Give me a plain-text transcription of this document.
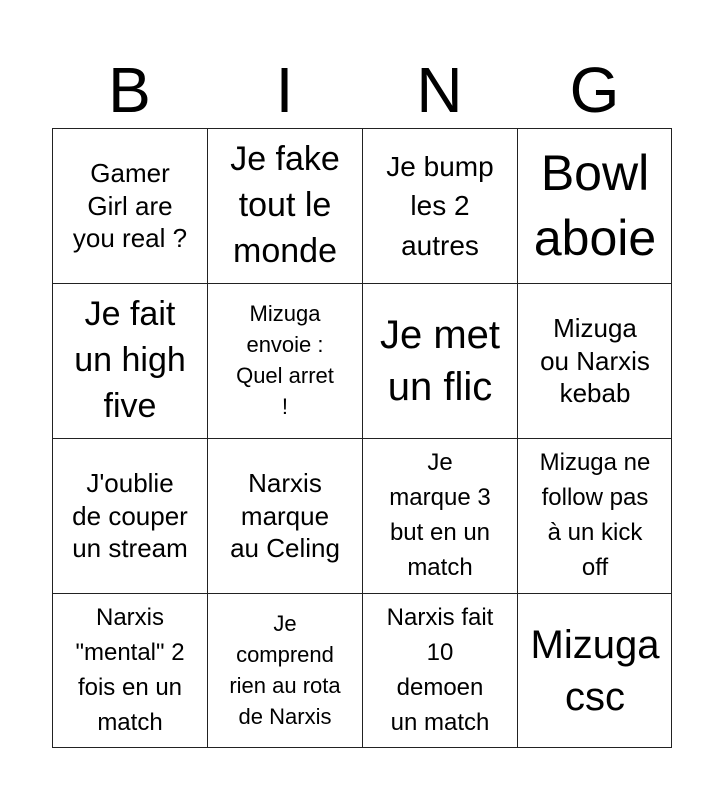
B	I	N	G
Gamer
Girl are
you real ?
Je fake
tout le
monde
Je bump
les 2
autres
Bowl
aboie
Je fait
un high
five
Mizuga
envoie :
Quel arret
!
Je met
un flic
Mizuga
ou Narxis
kebab
J'oublie
de couper
un stream
Narxis
marque
au Celing
Je
marque 3
but en un
match
Mizuga ne
follow pas
à un kick
off
Narxis
"mental" 2
fois en un
match
Je
comprend
rien au rota
de Narxis
Narxis fait
10
demoen
un match
Mizuga
csc
